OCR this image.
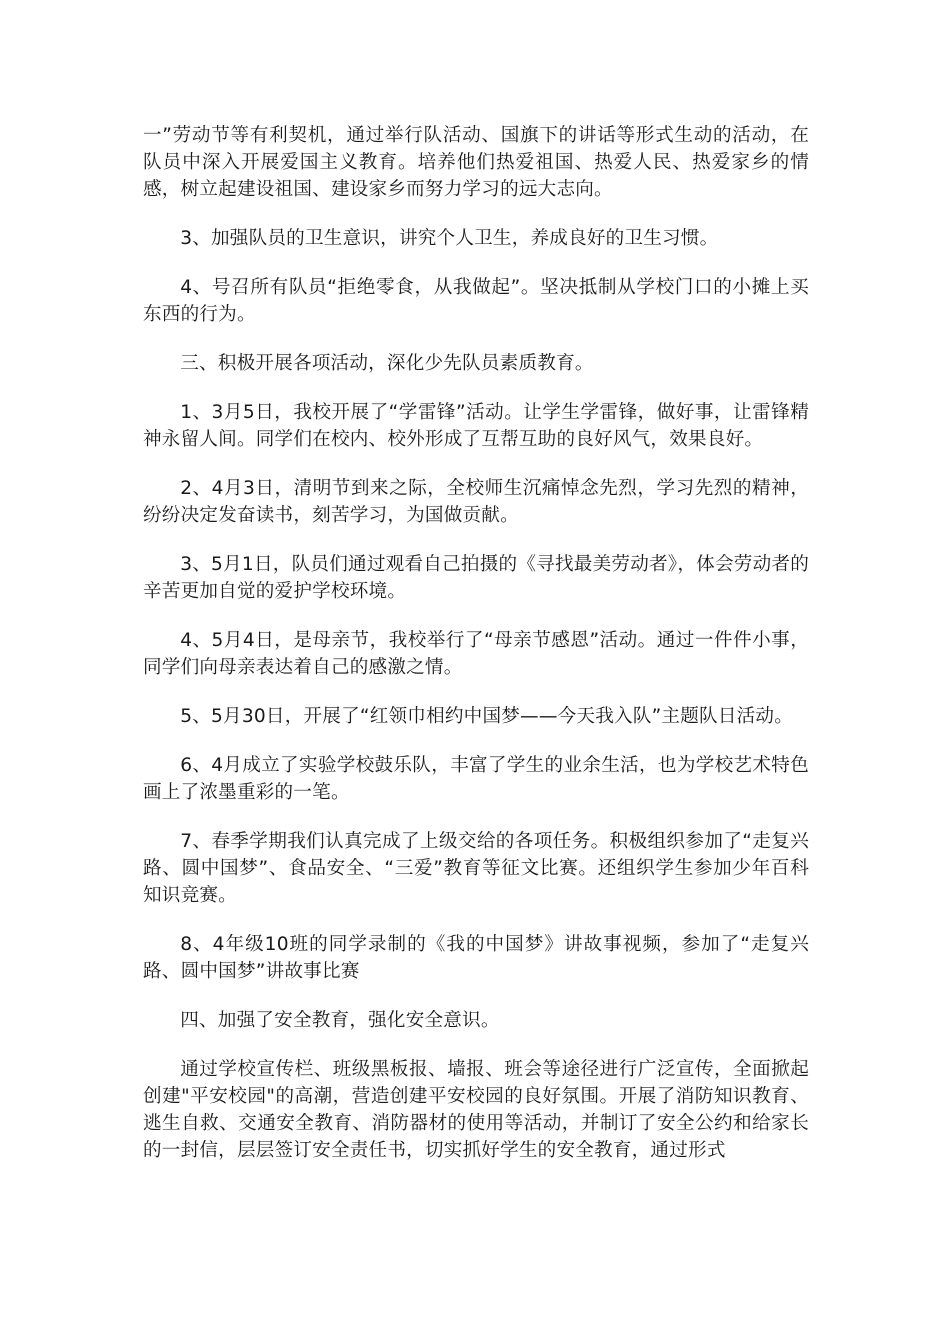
一”劳动节等有利契机，通过举行队活动、国旗下的讲话等形式生动的活动，在队员中深入开展爱国主义教育。培养他们热爱祖国、热爱人民、热爱家乡的情感，树立起建设祖国、建设家乡而努力学习的远大志向。

3、加强队员的卫生意识，讲究个人卫生，养成良好的卫生习惯。

4、号召所有队员“拒绝零食，从我做起”。坚决抵制从学校门口的小摊上买东西的行为。

三、积极开展各项活动，深化少先队员素质教育。

1、3月5日，我校开展了“学雷锋”活动。让学生学雷锋，做好事，让雷锋精神永留人间。同学们在校内、校外形成了互帮互助的良好风气，效果良好。

2、4月3日，清明节到来之际，全校师生沉痛悼念先烈，学习先烈的精神，纷纷决定发奋读书，刻苦学习，为国做贡献。

3、5月1日，队员们通过观看自己拍摄的《寻找最美劳动者》，体会劳动者的辛苦更加自觉的爱护学校环境。

4、5月4日，是母亲节，我校举行了“母亲节感恩”活动。通过一件件小事，同学们向母亲表达着自己的感激之情。

5、5月30日，开展了“红领巾相约中国梦——今天我入队”主题队日活动。

6、4月成立了实验学校鼓乐队，丰富了学生的业余生活，也为学校艺术特色画上了浓墨重彩的一笔。

7、春季学期我们认真完成了上级交给的各项任务。积极组织参加了“走复兴路、圆中国梦”、食品安全、“三爱”教育等征文比赛。还组织学生参加少年百科知识竞赛。

8、4年级10班的同学录制的《我的中国梦》讲故事视频，参加了“走复兴路、圆中国梦”讲故事比赛

四、加强了安全教育，强化安全意识。

通过学校宣传栏、班级黑板报、墙报、班会等途径进行广泛宣传，全面掀起创建"平安校园"的高潮，营造创建平安校园的良好氛围。开展了消防知识教育、逃生自救、交通安全教育、消防器材的使用等活动，并制订了安全公约和给家长的一封信，层层签订安全责任书，切实抓好学生的安全教育，通过形式
